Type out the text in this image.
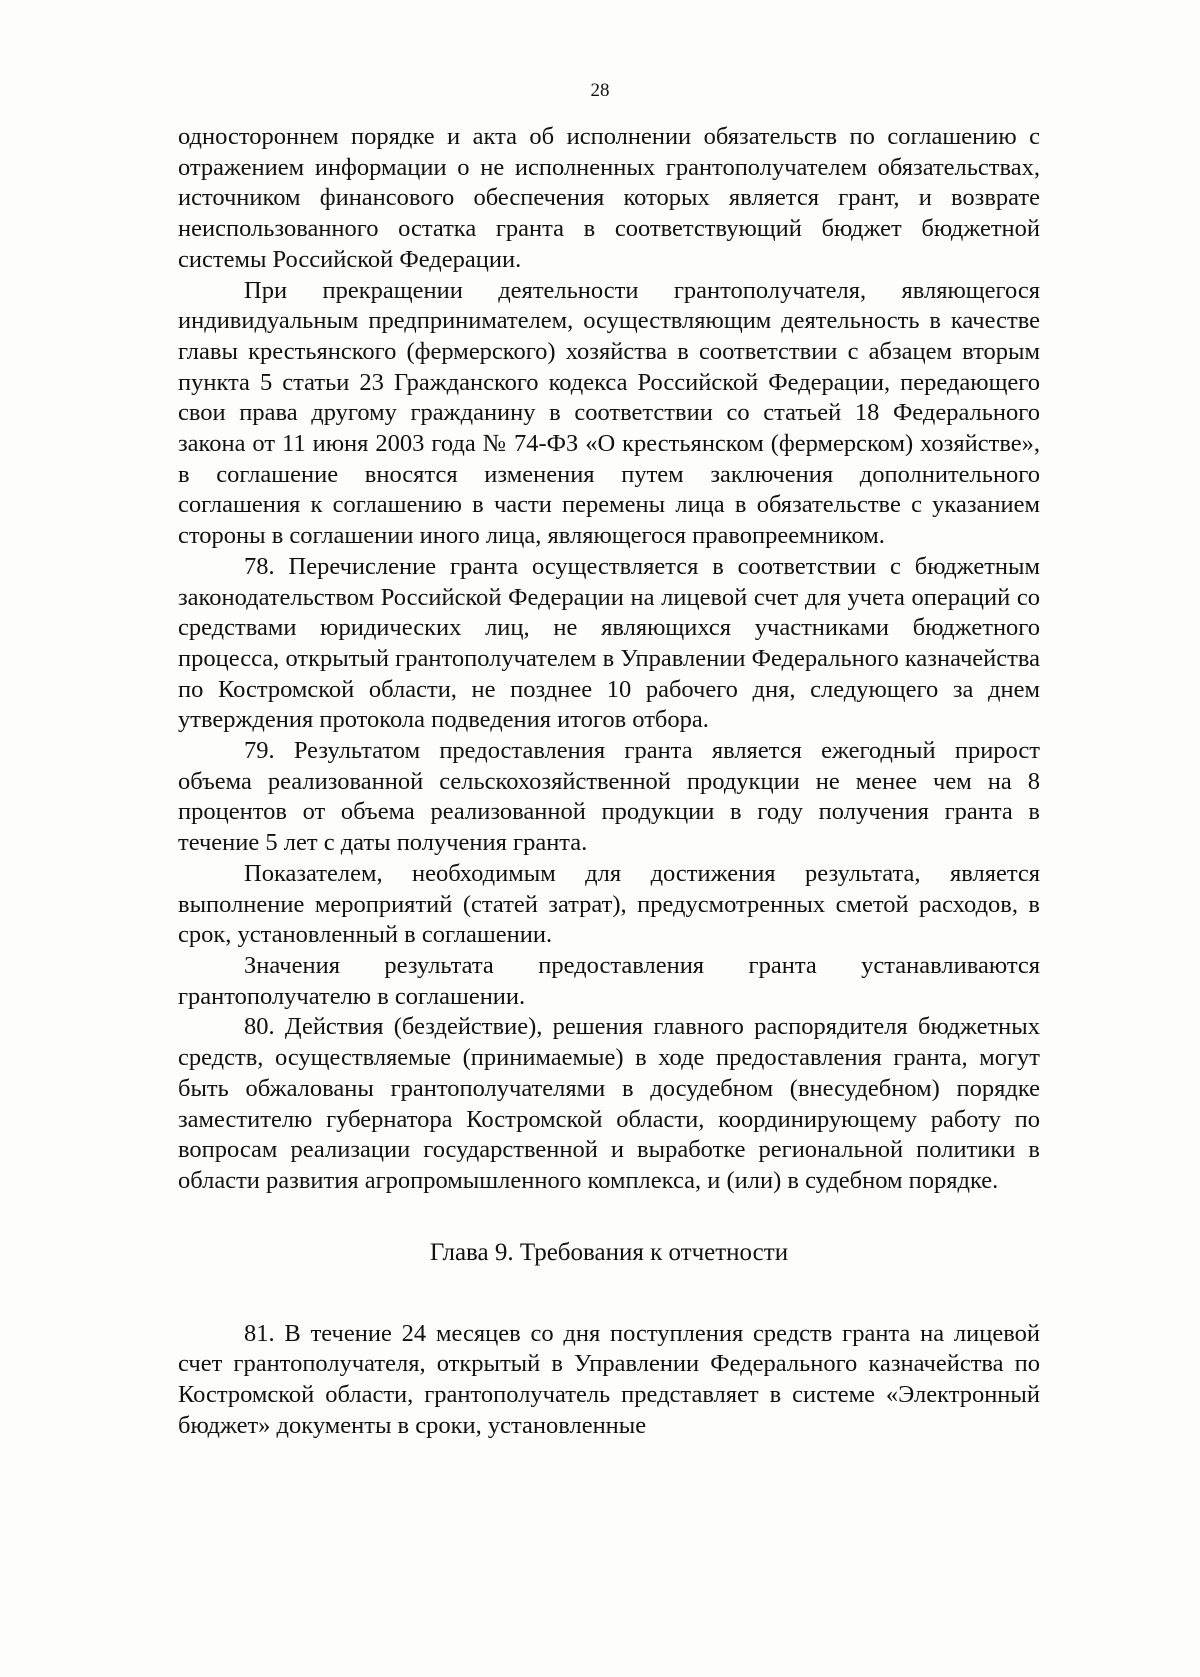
28

одностороннем порядке и акта об исполнении обязательств по соглашению с отражением информации о не исполненных грантополучателем обязательствах, источником финансового обеспечения которых является грант, и возврате неиспользованного остатка гранта в соответствующий бюджет бюджетной системы Российской Федерации.

При прекращении деятельности грантополучателя, являющегося индивидуальным предпринимателем, осуществляющим деятельность в качестве главы крестьянского (фермерского) хозяйства в соответствии с абзацем вторым пункта 5 статьи 23 Гражданского кодекса Российской Федерации, передающего свои права другому гражданину в соответствии со статьей 18 Федерального закона от 11 июня 2003 года № 74-ФЗ «О крестьянском (фермерском) хозяйстве», в соглашение вносятся изменения путем заключения дополнительного соглашения к соглашению в части перемены лица в обязательстве с указанием стороны в соглашении иного лица, являющегося правопреемником.

78. Перечисление гранта осуществляется в соответствии с бюджетным законодательством Российской Федерации на лицевой счет для учета операций со средствами юридических лиц, не являющихся участниками бюджетного процесса, открытый грантополучателем в Управлении Федерального казначейства по Костромской области, не позднее 10 рабочего дня, следующего за днем утверждения протокола подведения итогов отбора.

79. Результатом предоставления гранта является ежегодный прирост объема реализованной сельскохозяйственной продукции не менее чем на 8 процентов от объема реализованной продукции в году получения гранта в течение 5 лет с даты получения гранта.

Показателем, необходимым для достижения результата, является выполнение мероприятий (статей затрат), предусмотренных сметой расходов, в срок, установленный в соглашении.

Значения результата предоставления гранта устанавливаются грантополучателю в соглашении.

80. Действия (бездействие), решения главного распорядителя бюджетных средств, осуществляемые (принимаемые) в ходе предоставления гранта, могут быть обжалованы грантополучателями в досудебном (внесудебном) порядке заместителю губернатора Костромской области, координирующему работу по вопросам реализации государственной и выработке региональной политики в области развития агропромышленного комплекса, и (или) в судебном порядке.

Глава 9. Требования к отчетности

81. В течение 24 месяцев со дня поступления средств гранта на лицевой счет грантополучателя, открытый в Управлении Федерального казначейства по Костромской области, грантополучатель представляет в системе «Электронный бюджет» документы в сроки, установленные
